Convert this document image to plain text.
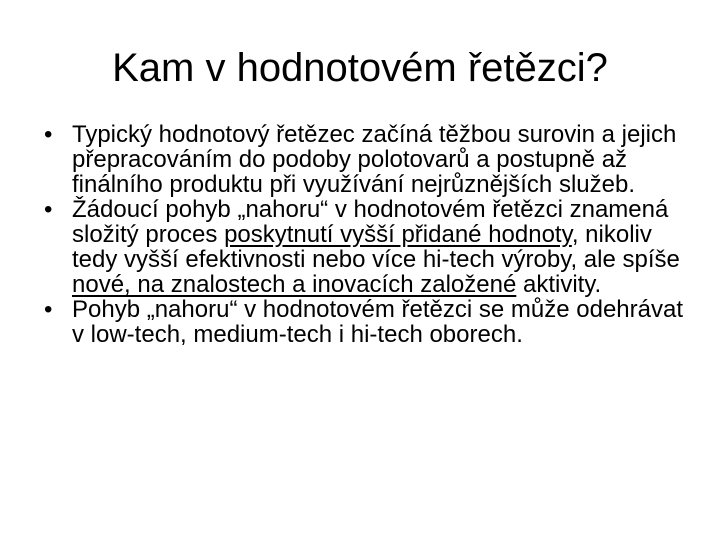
Kam v hodnotovém řetězci?
• Typický hodnotový řetězec začíná těžbou surovin a jejich přepracováním do podoby polotovarů a postupně až finálního produktu při využívání nejrůznějších služeb.
• Žádoucí pohyb „nahoru“ v hodnotovém řetězci znamená složitý proces poskytnutí vyšší přidané hodnoty, nikoliv tedy vyšší efektivnosti nebo více hi-tech výroby, ale spíše nové, na znalostech a inovacích založené aktivity.
• Pohyb „nahoru“ v hodnotovém řetězci se může odehrávat v low-tech, medium-tech i hi-tech oborech.
